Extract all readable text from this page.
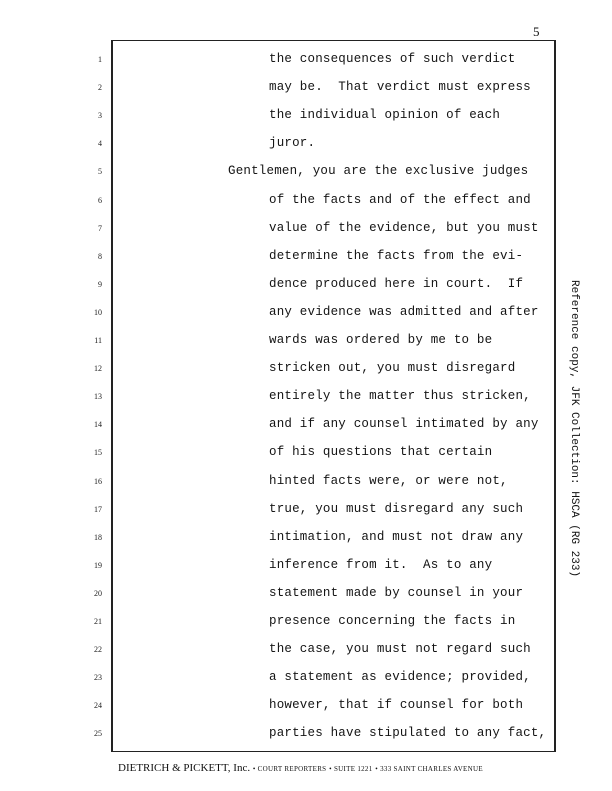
5
1	the consequences of such verdict
2	may be.  That verdict must express
3	the individual opinion of each
4	juror.
5	Gentlemen, you are the exclusive judges
6	of the facts and of the effect and
7	value of the evidence, but you must
8	determine the facts from the evi-
9	dence produced here in court.  If
10	any evidence was admitted and after
11	wards was ordered by me to be
12	stricken out, you must disregard
13	entirely the matter thus stricken,
14	and if any counsel intimated by any
15	of his questions that certain
16	hinted facts were, or were not,
17	true, you must disregard any such
18	intimation, and must not draw any
19	inference from it.  As to any
20	statement made by counsel in your
21	presence concerning the facts in
22	the case, you must not regard such
23	a statement as evidence; provided,
24	however, that if counsel for both
25	parties have stipulated to any fact,
DIETRICH & PICKETT, Inc. • COURT REPORTERS • SUITE 1221 • 333 SAINT CHARLES AVENUE
Reference copy, JFK Collection: HSCA (RG 233)
